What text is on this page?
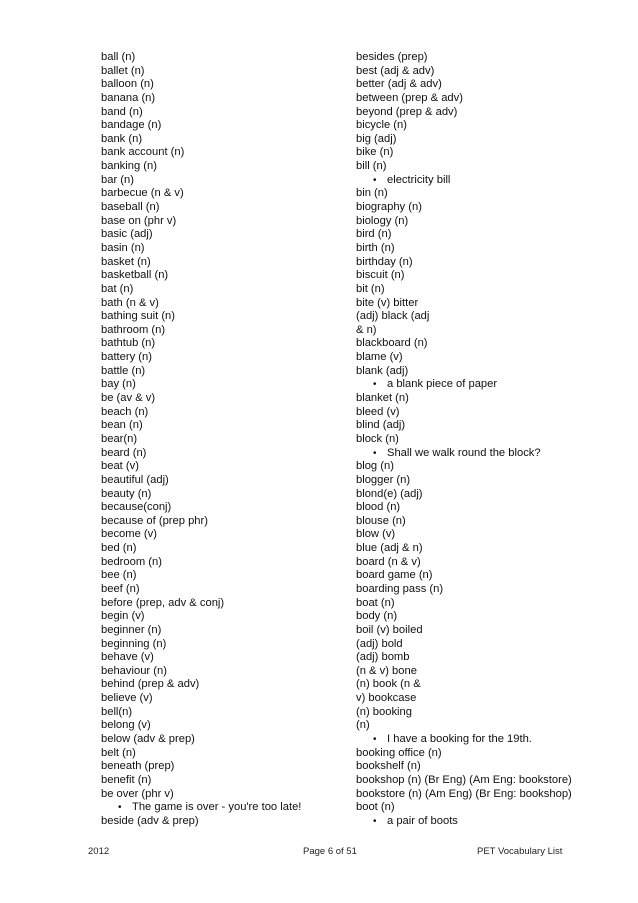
ball (n)
ballet (n)
balloon (n)
banana (n)
band (n)
bandage (n)
bank (n)
bank account (n)
banking (n)
bar (n)
barbecue (n & v)
baseball (n)
base on (phr v)
basic (adj)
basin (n)
basket (n)
basketball (n)
bat (n)
bath (n & v)
bathing suit (n)
bathroom (n)
bathtub (n)
battery (n)
battle (n)
bay (n)
be (av & v)
beach (n)
bean (n)
bear(n)
beard (n)
beat (v)
beautiful (adj)
beauty (n)
because(conj)
because of (prep phr)
become (v)
bed (n)
bedroom (n)
bee (n)
beef (n)
before (prep, adv & conj)
begin (v)
beginner (n)
beginning (n)
behave (v)
behaviour (n)
behind (prep & adv)
believe (v)
bell(n)
belong (v)
below (adv & prep)
belt (n)
beneath (prep)
benefit (n)
be over (phr v)
• The game is over - you're too late!
beside (adv & prep)
besides (prep)
best (adj & adv)
better (adj & adv)
between (prep & adv)
beyond (prep & adv)
bicycle (n)
big (adj)
bike (n)
bill (n)
• electricity bill
bin (n)
biography (n)
biology (n)
bird (n)
birth (n)
birthday (n)
biscuit (n)
bit (n)
bite (v) bitter
(adj) black (adj
& n)
blackboard (n)
blame (v)
blank (adj)
• a blank piece of paper
blanket (n)
bleed (v)
blind (adj)
block (n)
• Shall we walk round the block?
blog (n)
blogger (n)
blond(e) (adj)
blood (n)
blouse (n)
blow (v)
blue (adj & n)
board (n & v)
board game (n)
boarding pass (n)
boat (n)
body (n)
boil (v) boiled
(adj) bold
(adj) bomb
(n & v) bone
(n) book (n &
v) bookcase
(n) booking
(n)
• I have a booking for the 19th.
booking office (n)
bookshelf (n)
bookshop (n) (Br Eng) (Am Eng: bookstore)
bookstore (n) (Am Eng) (Br Eng: bookshop)
boot (n)
• a pair of boots
2012	Page 6 of 51	PET Vocabulary List
